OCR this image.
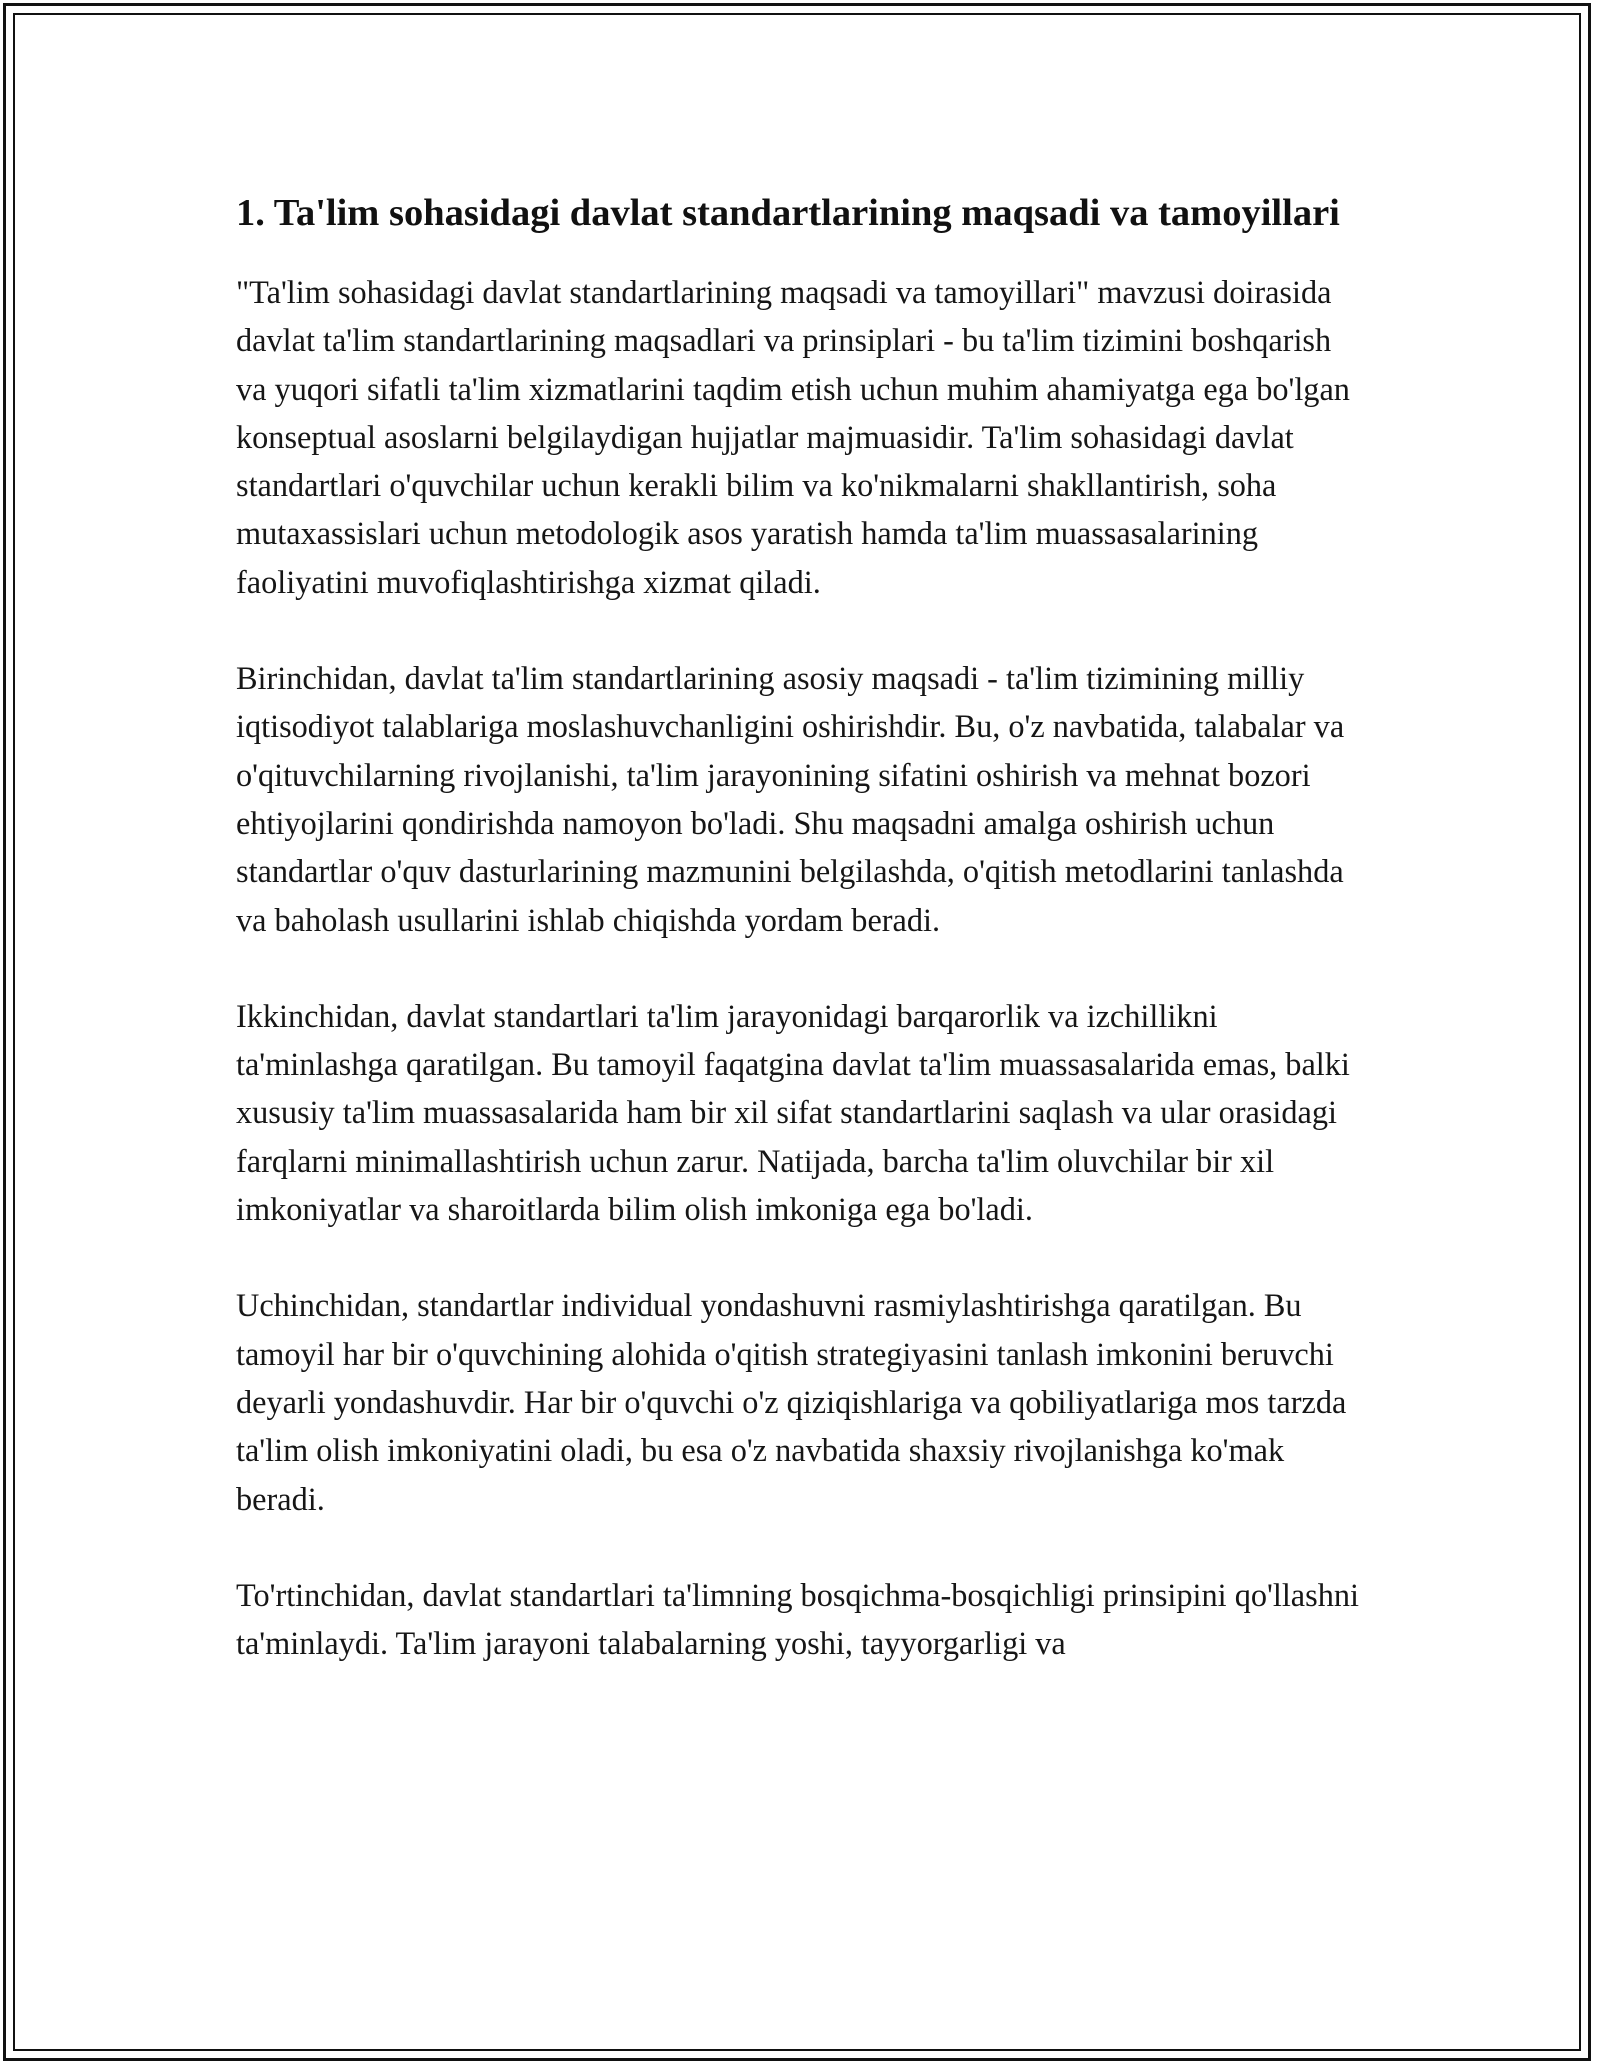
1. Ta'lim sohasidagi davlat standartlarining maqsadi va tamoyillari

"Ta'lim sohasidagi davlat standartlarining maqsadi va tamoyillari" mavzusi doirasida davlat ta'lim standartlarining maqsadlari va prinsiplari - bu ta'lim tizimini boshqarish va yuqori sifatli ta'lim xizmatlarini taqdim etish uchun muhim ahamiyatga ega bo'lgan konseptual asoslarni belgilaydigan hujjatlar majmuasidir. Ta'lim sohasidagi davlat standartlari o'quvchilar uchun kerakli bilim va ko'nikmalarni shakllantirish, soha mutaxassislari uchun metodologik asos yaratish hamda ta'lim muassasalarining faoliyatini muvofiqlashtirishga xizmat qiladi.

Birinchidan, davlat ta'lim standartlarining asosiy maqsadi - ta'lim tizimining milliy iqtisodiyot talablariga moslashuvchanligini oshirishdir. Bu, o'z navbatida, talabalar va o'qituvchilarning rivojlanishi, ta'lim jarayonining sifatini oshirish va mehnat bozori ehtiyojlarini qondirishda namoyon bo'ladi. Shu maqsadni amalga oshirish uchun standartlar o'quv dasturlarining mazmunini belgilashda, o'qitish metodlarini tanlashda va baholash usullarini ishlab chiqishda yordam beradi.

Ikkinchidan, davlat standartlari ta'lim jarayonidagi barqarorlik va izchillikni ta'minlashga qaratilgan. Bu tamoyil faqatgina davlat ta'lim muassasalarida emas, balki xususiy ta'lim muassasalarida ham bir xil sifat standartlarini saqlash va ular orasidagi farqlarni minimallashtirish uchun zarur. Natijada, barcha ta'lim oluvchilar bir xil imkoniyatlar va sharoitlarda bilim olish imkoniga ega bo'ladi.

Uchinchidan, standartlar individual yondashuvni rasmiylashtirishga qaratilgan. Bu tamoyil har bir o'quvchining alohida o'qitish strategiyasini tanlash imkonini beruvchi deyarli yondashuvdir. Har bir o'quvchi o'z qiziqishlariga va qobiliyatlariga mos tarzda ta'lim olish imkoniyatini oladi, bu esa o'z navbatida shaxsiy rivojlanishga ko'mak beradi.

To'rtinchidan, davlat standartlari ta'limning bosqichma-bosqichligi prinsipini qo'llashni ta'minlaydi. Ta'lim jarayoni talabalarning yoshi, tayyorgarligi va
